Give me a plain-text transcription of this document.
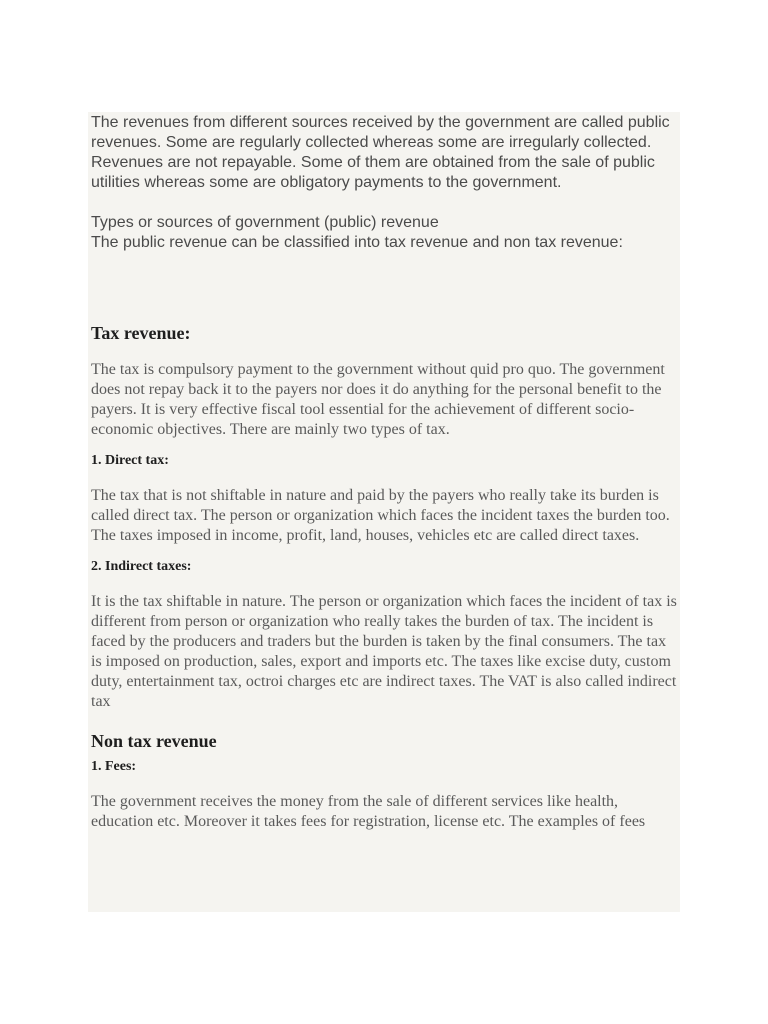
The revenues from different sources received by the government are called public revenues. Some are regularly collected whereas some are irregularly collected. Revenues are not repayable. Some of them are obtained from the sale of public utilities whereas some are obligatory payments to the government.

Types or sources of government (public) revenue

The public revenue can be classified into tax revenue and non tax revenue:

Tax revenue:

The tax is compulsory payment to the government without quid pro quo. The government does not repay back it to the payers nor does it do anything for the personal benefit to the payers. It is very effective fiscal tool essential for the achievement of different socio-economic objectives. There are mainly two types of tax.

1. Direct tax:

The tax that is not shiftable in nature and paid by the payers who really take its burden is called direct tax. The person or organization which faces the incident taxes the burden too. The taxes imposed in income, profit, land, houses, vehicles etc are called direct taxes.

2. Indirect taxes:

It is the tax shiftable in nature. The person or organization which faces the incident of tax is different from person or organization who really takes the burden of tax. The incident is faced by the producers and traders but the burden is taken by the final consumers. The tax is imposed on production, sales, export and imports etc. The taxes like excise duty, custom duty, entertainment tax, octroi charges etc are indirect taxes. The VAT is also called indirect tax

Non tax revenue
1. Fees:

The government receives the money from the sale of different services like health, education etc. Moreover it takes fees for registration, license etc. The examples of fees
